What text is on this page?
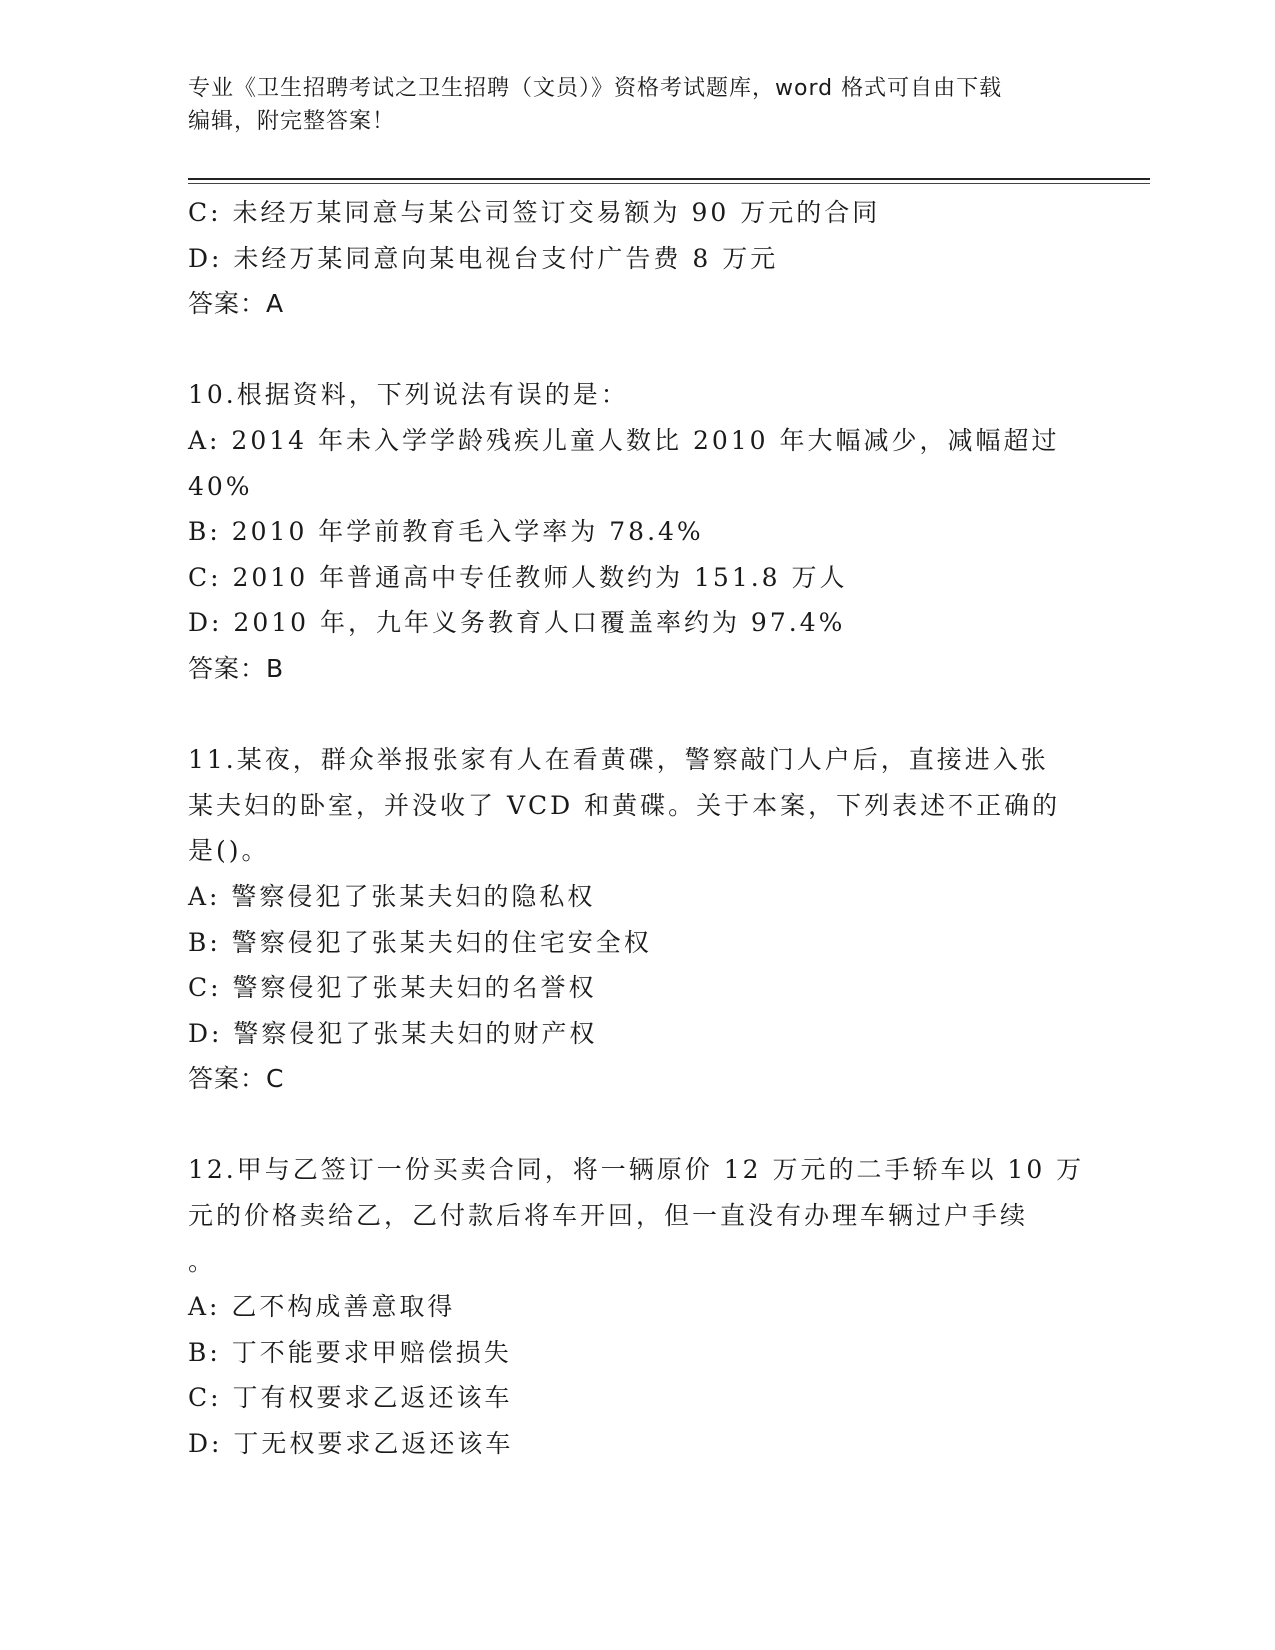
专业《卫生招聘考试之卫生招聘（文员）》资格考试题库，word 格式可自由下载
编辑，附完整答案！
C: 未经万某同意与某公司签订交易额为 90 万元的合同
D: 未经万某同意向某电视台支付广告费 8 万元
答案：A
10.根据资料，下列说法有误的是：
A: 2014 年未入学学龄残疾儿童人数比 2010 年大幅减少，减幅超过
40%
B: 2010 年学前教育毛入学率为 78.4%
C: 2010 年普通高中专任教师人数约为 151.8 万人
D: 2010 年，九年义务教育人口覆盖率约为 97.4%
答案：B
11.某夜，群众举报张家有人在看黄碟，警察敲门人户后，直接进入张
某夫妇的卧室，并没收了 VCD 和黄碟。关于本案，下列表述不正确的
是()。
A: 警察侵犯了张某夫妇的隐私权
B: 警察侵犯了张某夫妇的住宅安全权
C: 警察侵犯了张某夫妇的名誉权
D: 警察侵犯了张某夫妇的财产权
答案：C
12.甲与乙签订一份买卖合同，将一辆原价 12 万元的二手轿车以 10 万
元的价格卖给乙，乙付款后将车开回，但一直没有办理车辆过户手续
。
A: 乙不构成善意取得
B: 丁不能要求甲赔偿损失
C: 丁有权要求乙返还该车
D: 丁无权要求乙返还该车
